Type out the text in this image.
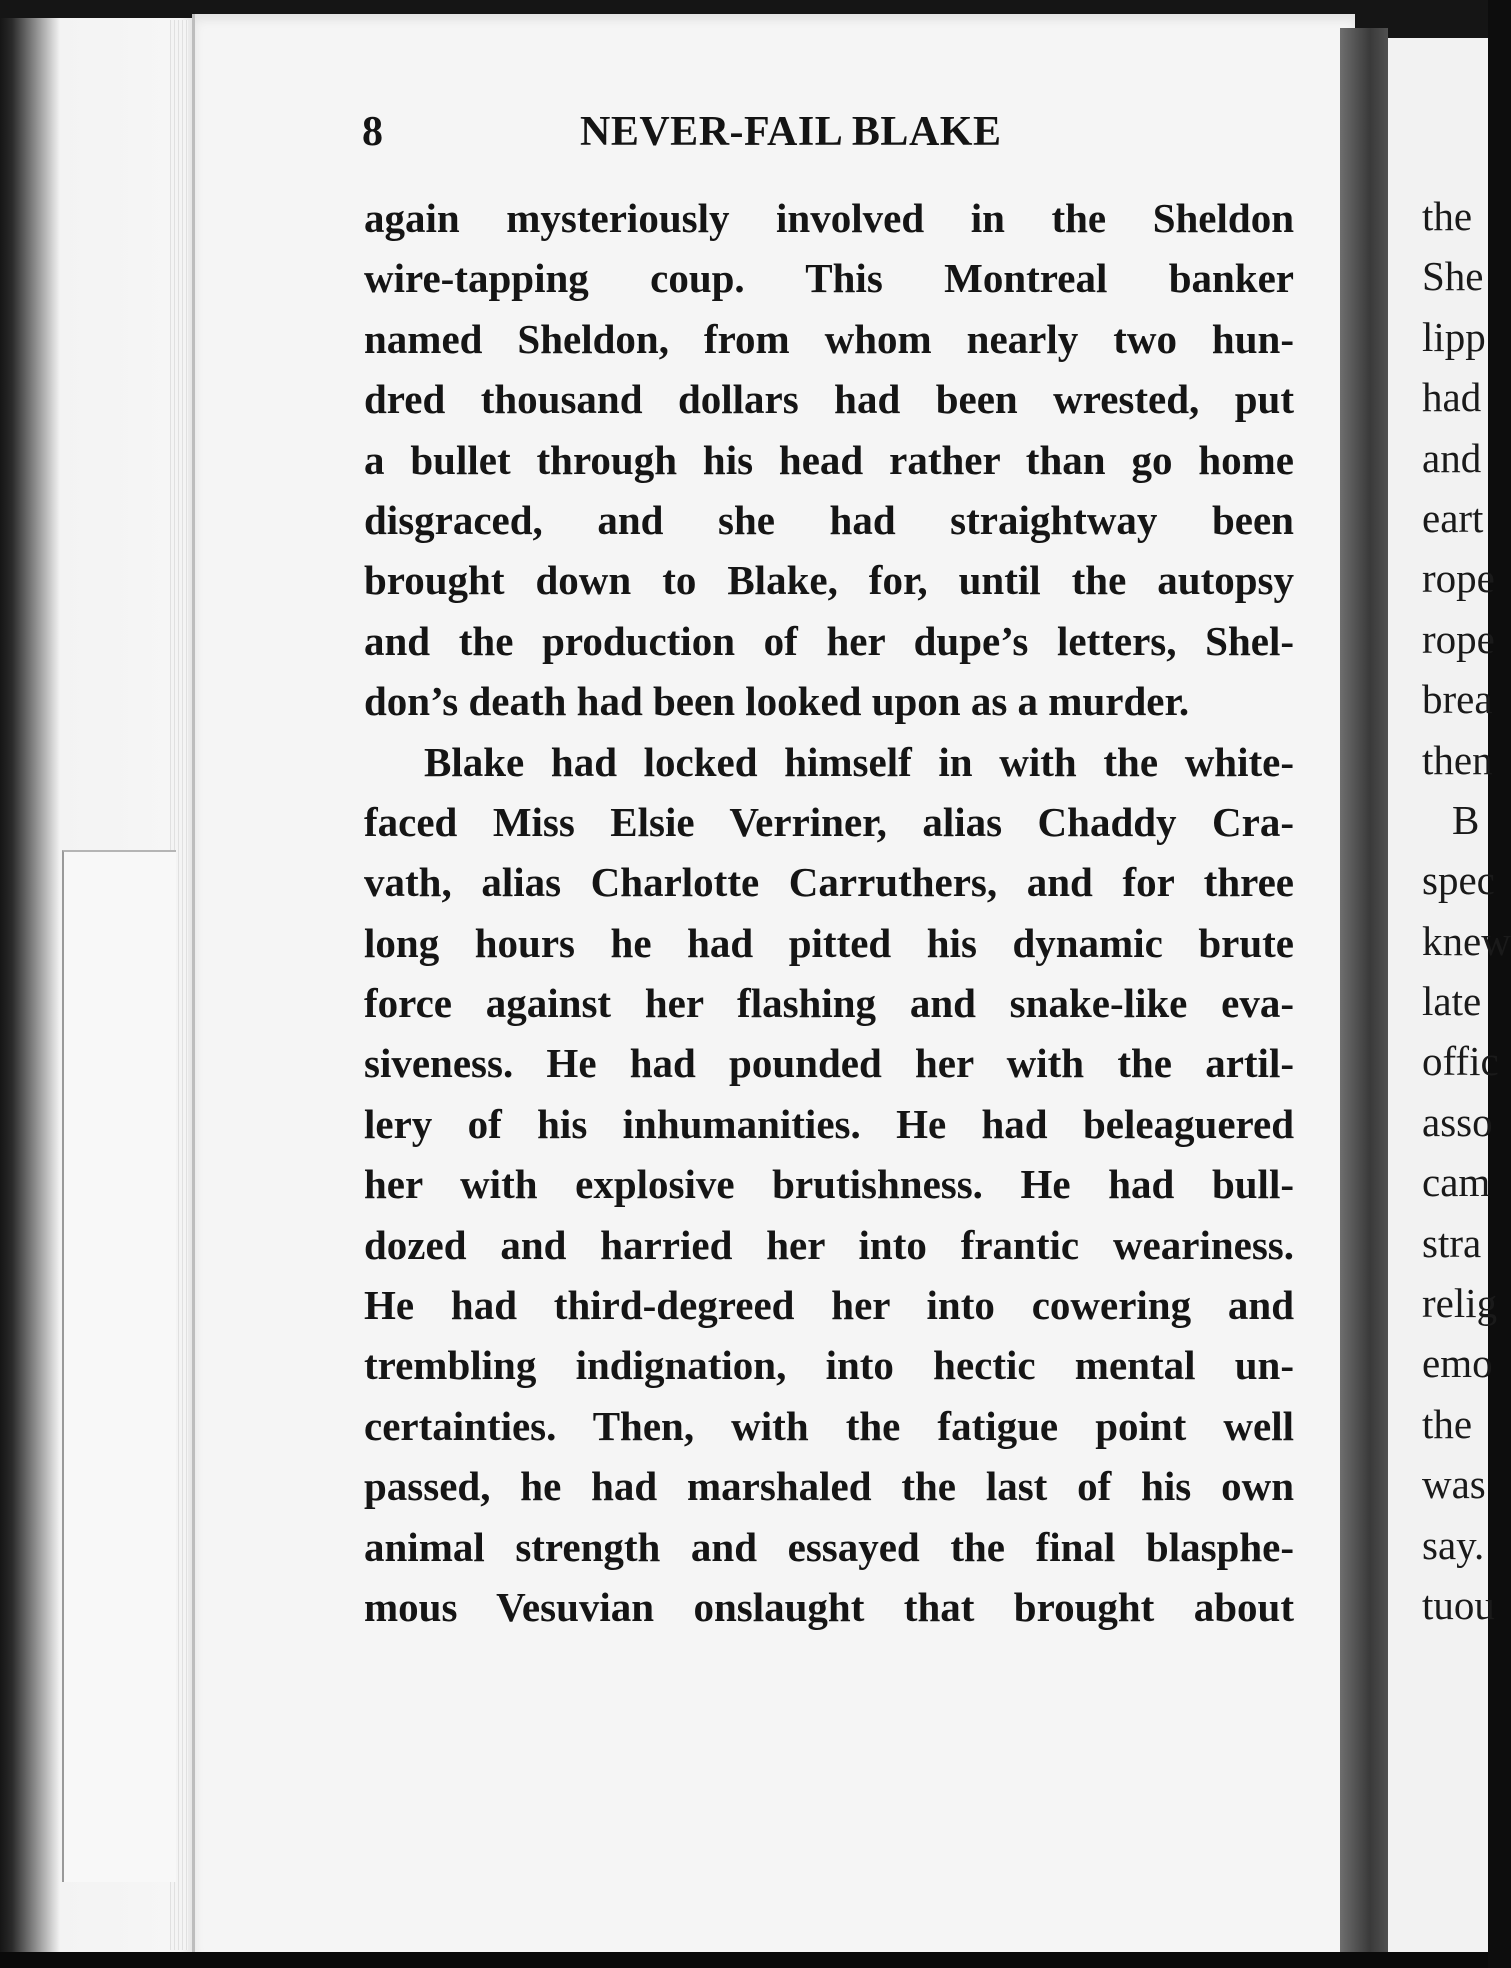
8	NEVER-FAIL BLAKE
again mysteriously involved in the Sheldon
wire-tapping coup. This Montreal banker
named Sheldon, from whom nearly two hun-
dred thousand dollars had been wrested, put
a bullet through his head rather than go home
disgraced, and she had straightway been
brought down to Blake, for, until the autopsy
and the production of her dupe’s letters, Shel-
don’s death had been looked upon as a murder.
Blake had locked himself in with the white-
faced Miss Elsie Verriner, alias Chaddy Cra-
vath, alias Charlotte Carruthers, and for three
long hours he had pitted his dynamic brute
force against her flashing and snake-like eva-
siveness. He had pounded her with the artil-
lery of his inhumanities. He had beleaguered
her with explosive brutishness. He had bull-
dozed and harried her into frantic weariness.
He had third-degreed her into cowering and
trembling indignation, into hectic mental un-
certainties. Then, with the fatigue point well
passed, he had marshaled the last of his own
animal strength and essayed the final blasphe-
mous Vesuvian onslaught that brought about
the
She
lipp
had
and
eart
rope
rope
brea
then
B
spec
knew
late
offic
asso
cam
stra
relig
emo
the
was
say.
tuou
